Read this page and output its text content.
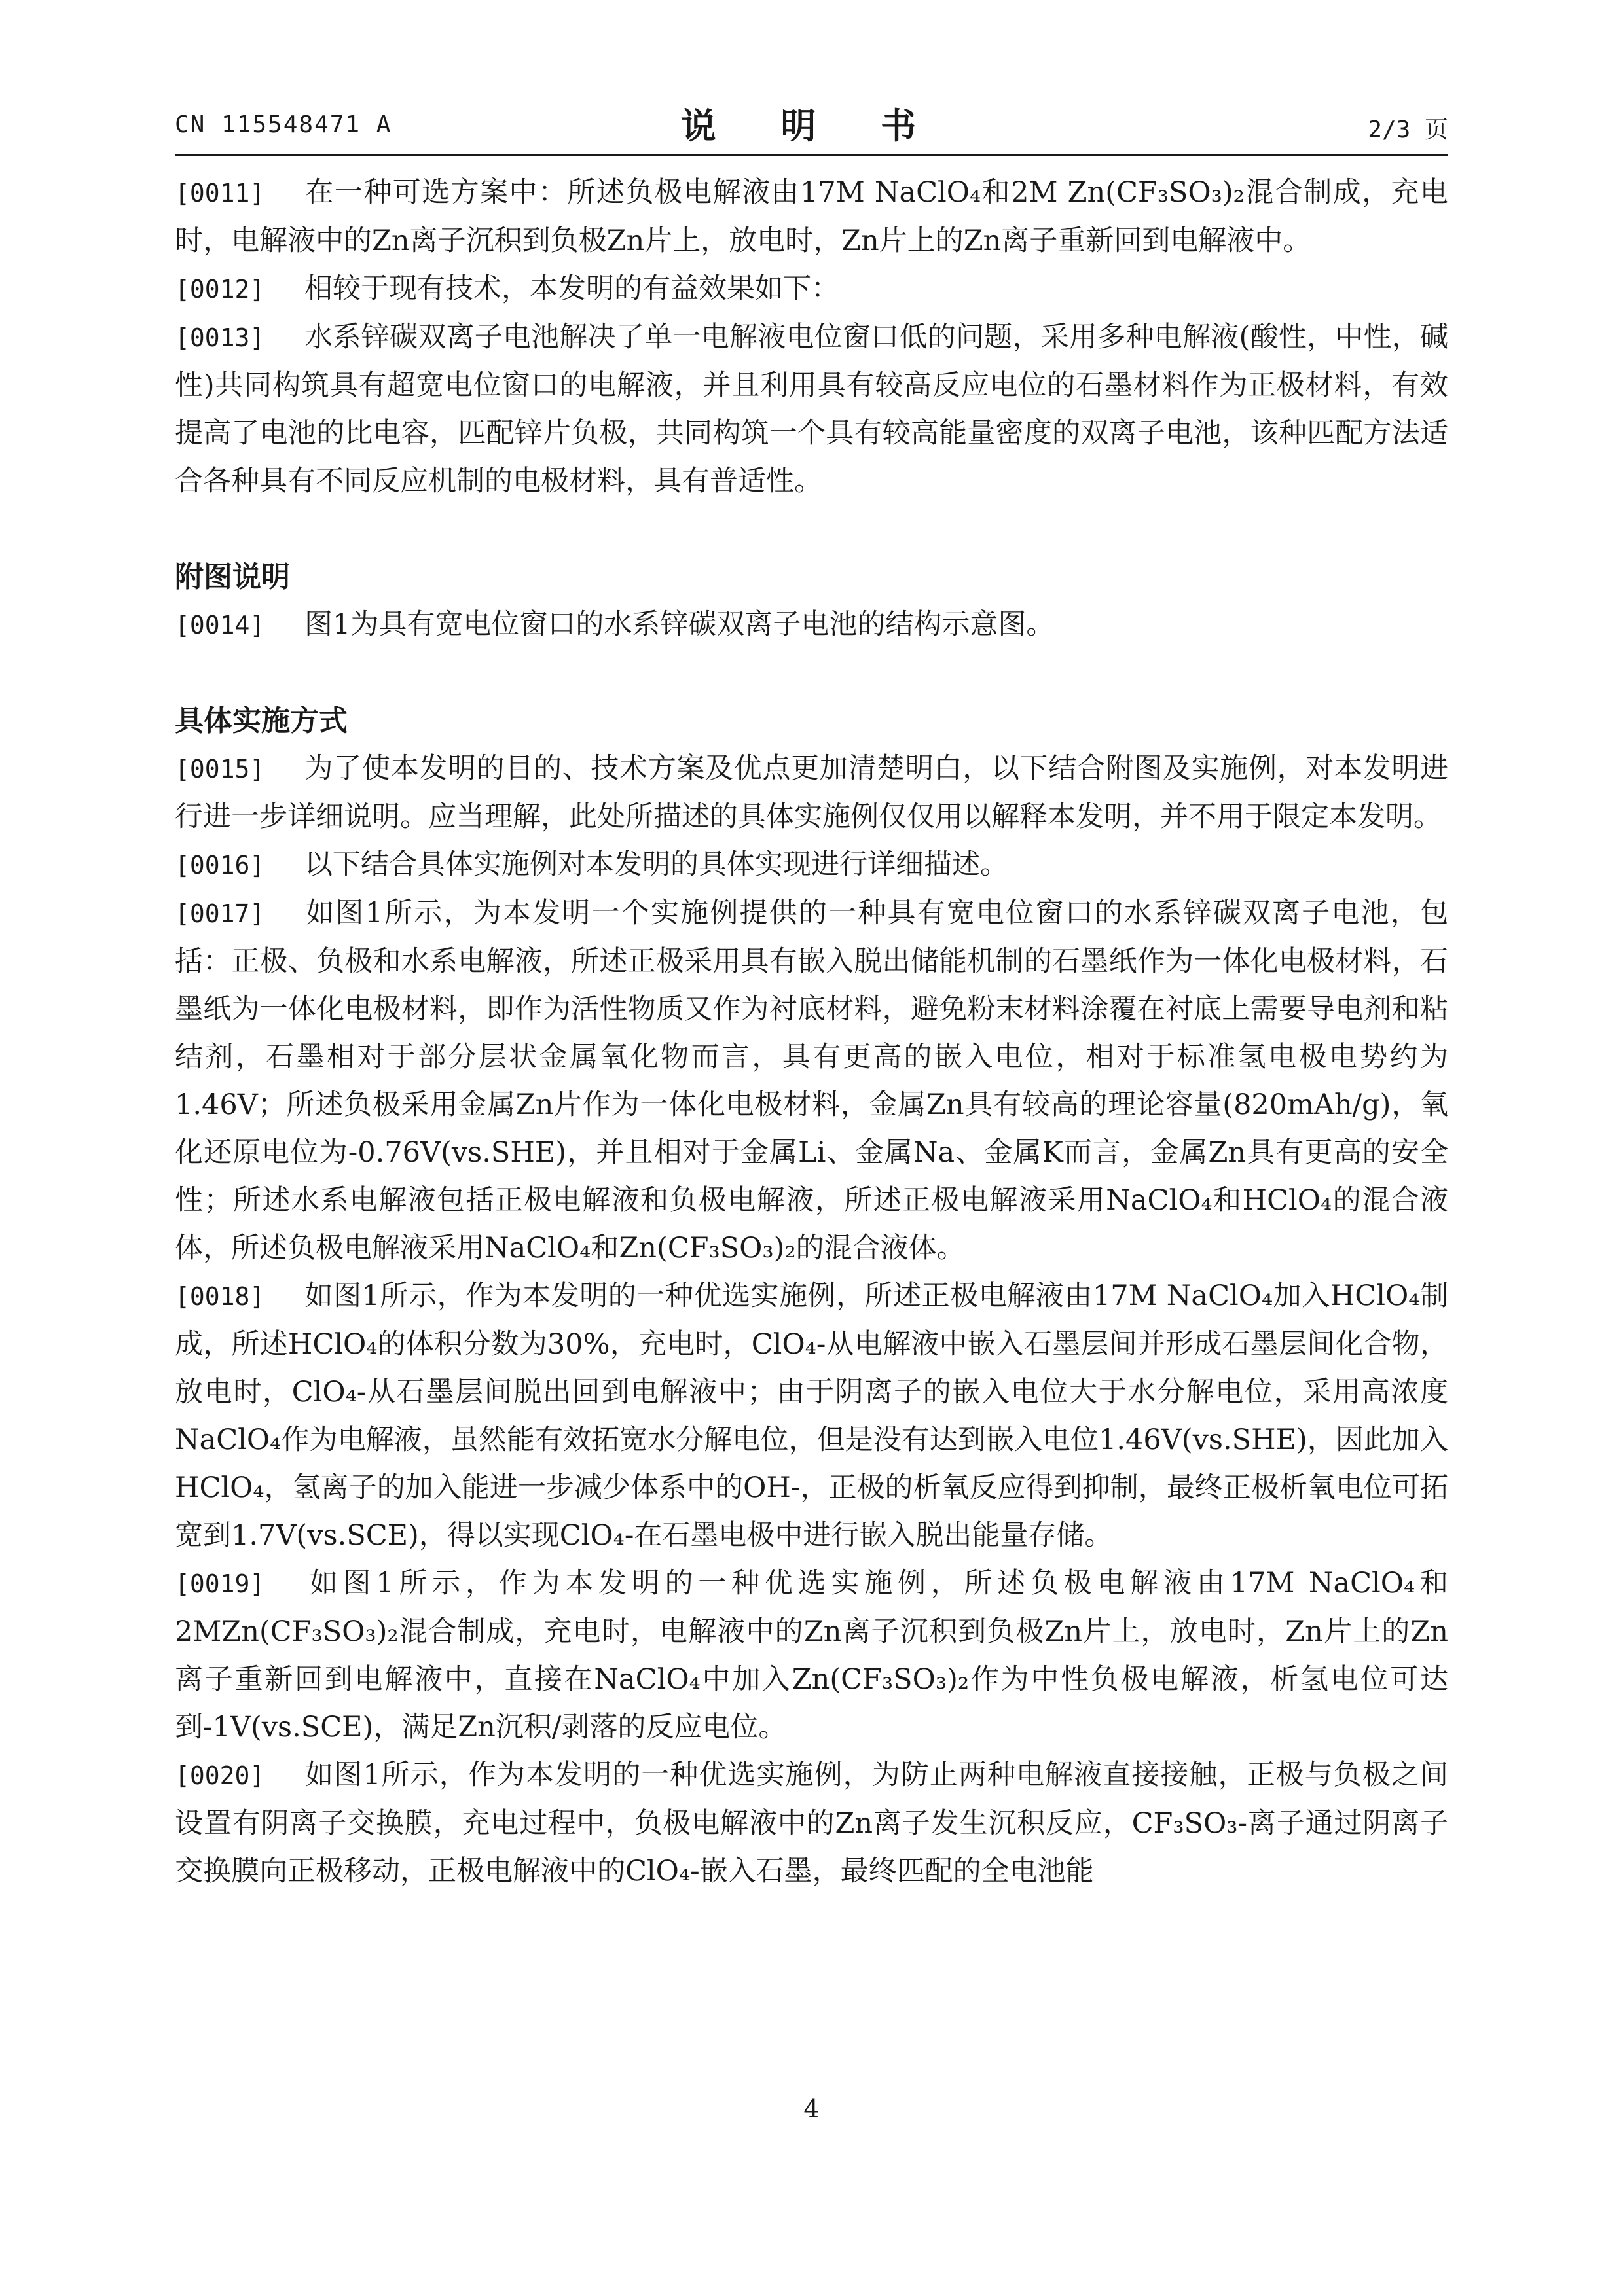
CN 115548471 A	说 明 书	2/3 页

[0011] 在一种可选方案中：所述负极电解液由17M NaClO₄和2M Zn(CF₃SO₃)₂混合制成，充电时，电解液中的Zn离子沉积到负极Zn片上，放电时，Zn片上的Zn离子重新回到电解液中。

[0012] 相较于现有技术，本发明的有益效果如下：

[0013] 水系锌碳双离子电池解决了单一电解液电位窗口低的问题，采用多种电解液(酸性，中性，碱性)共同构筑具有超宽电位窗口的电解液，并且利用具有较高反应电位的石墨材料作为正极材料，有效提高了电池的比电容，匹配锌片负极，共同构筑一个具有较高能量密度的双离子电池，该种匹配方法适合各种具有不同反应机制的电极材料，具有普适性。

附图说明

[0014] 图1为具有宽电位窗口的水系锌碳双离子电池的结构示意图。

具体实施方式

[0015] 为了使本发明的目的、技术方案及优点更加清楚明白，以下结合附图及实施例，对本发明进行进一步详细说明。应当理解，此处所描述的具体实施例仅仅用以解释本发明，并不用于限定本发明。

[0016] 以下结合具体实施例对本发明的具体实现进行详细描述。

[0017] 如图1所示，为本发明一个实施例提供的一种具有宽电位窗口的水系锌碳双离子电池，包括：正极、负极和水系电解液，所述正极采用具有嵌入脱出储能机制的石墨纸作为一体化电极材料，石墨纸为一体化电极材料，即作为活性物质又作为衬底材料，避免粉末材料涂覆在衬底上需要导电剂和粘结剂，石墨相对于部分层状金属氧化物而言，具有更高的嵌入电位，相对于标准氢电极电势约为1.46V；所述负极采用金属Zn片作为一体化电极材料，金属Zn具有较高的理论容量(820mAh/g)，氧化还原电位为-0.76V(vs.SHE)，并且相对于金属Li、金属Na、金属K而言，金属Zn具有更高的安全性；所述水系电解液包括正极电解液和负极电解液，所述正极电解液采用NaClO₄和HClO₄的混合液体，所述负极电解液采用NaClO₄和Zn(CF₃SO₃)₂的混合液体。

[0018] 如图1所示，作为本发明的一种优选实施例，所述正极电解液由17M NaClO₄加入HClO₄制成，所述HClO₄的体积分数为30%，充电时，ClO₄-从电解液中嵌入石墨层间并形成石墨层间化合物，放电时，ClO₄-从石墨层间脱出回到电解液中；由于阴离子的嵌入电位大于水分解电位，采用高浓度NaClO₄作为电解液，虽然能有效拓宽水分解电位，但是没有达到嵌入电位1.46V(vs.SHE)，因此加入HClO₄，氢离子的加入能进一步减少体系中的OH-，正极的析氧反应得到抑制，最终正极析氧电位可拓宽到1.7V(vs.SCE)，得以实现ClO₄-在石墨电极中进行嵌入脱出能量存储。

[0019] 如图1所示，作为本发明的一种优选实施例，所述负极电解液由17M NaClO₄和2MZn(CF₃SO₃)₂混合制成，充电时，电解液中的Zn离子沉积到负极Zn片上，放电时，Zn片上的Zn离子重新回到电解液中，直接在NaClO₄中加入Zn(CF₃SO₃)₂作为中性负极电解液，析氢电位可达到-1V(vs.SCE)，满足Zn沉积/剥落的反应电位。

[0020] 如图1所示，作为本发明的一种优选实施例，为防止两种电解液直接接触，正极与负极之间设置有阴离子交换膜，充电过程中，负极电解液中的Zn离子发生沉积反应，CF₃SO₃-离子通过阴离子交换膜向正极移动，正极电解液中的ClO₄-嵌入石墨，最终匹配的全电池能

4
